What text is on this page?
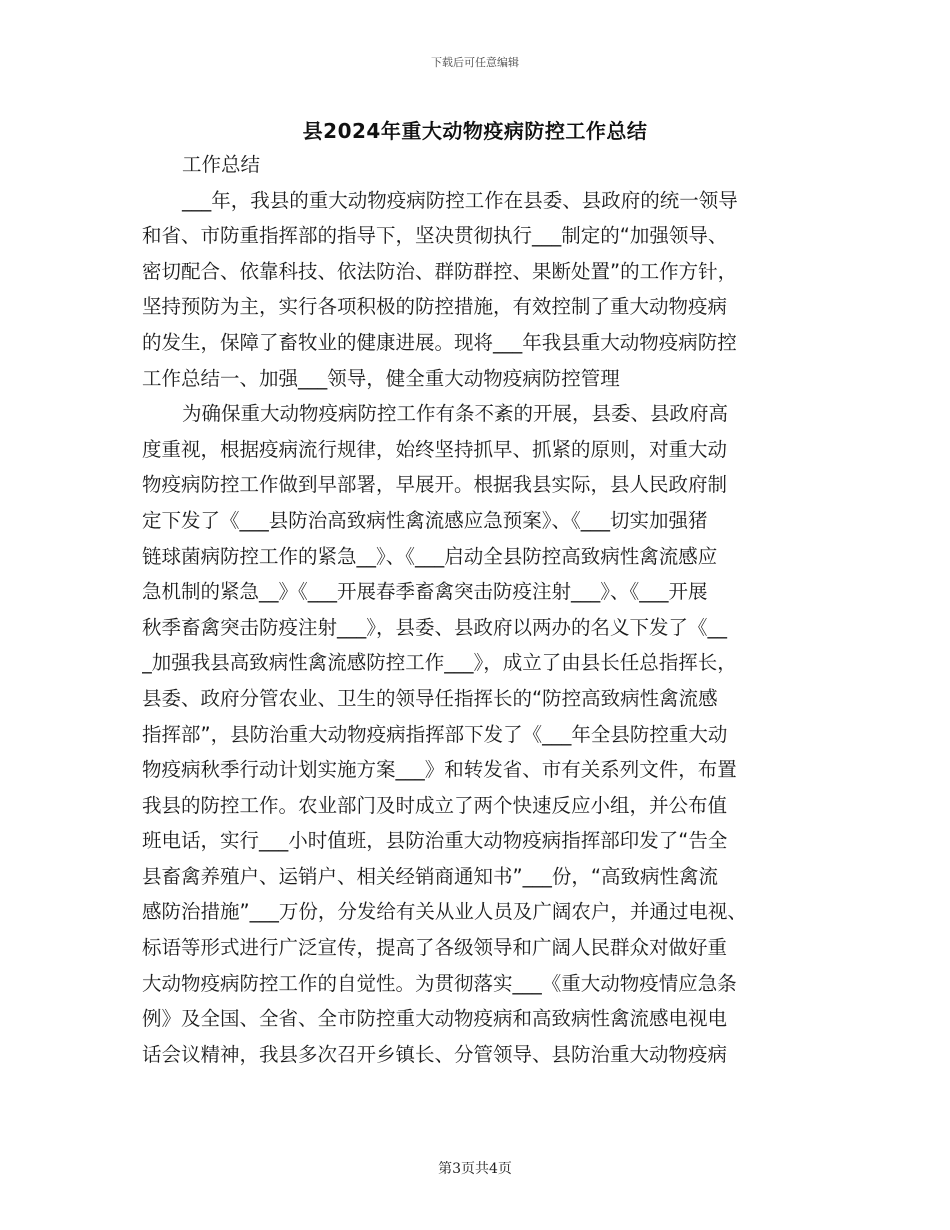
下载后可任意编辑
县2024年重大动物疫病防控工作总结
工作总结
___年，我县的重大动物疫病防控工作在县委、县政府的统一领导
和省、市防重指挥部的指导下，坚决贯彻执行___制定的“加强领导、
密切配合、依靠科技、依法防治、群防群控、果断处置”的工作方针，
坚持预防为主，实行各项积极的防控措施，有效控制了重大动物疫病
的发生，保障了畜牧业的健康进展。现将___年我县重大动物疫病防控
工作总结一、加强___领导，健全重大动物疫病防控管理
为确保重大动物疫病防控工作有条不紊的开展，县委、县政府高
度重视，根据疫病流行规律，始终坚持抓早、抓紧的原则，对重大动
物疫病防控工作做到早部署，早展开。根据我县实际，县人民政府制
定下发了《___县防治高致病性禽流感应急预案》、《___切实加强猪
链球菌病防控工作的紧急__》、《___启动全县防控高致病性禽流感应
急机制的紧急__》《___开展春季畜禽突击防疫注射___》、《___开展
秋季畜禽突击防疫注射___》，县委、县政府以两办的名义下发了《__
_加强我县高致病性禽流感防控工作___》，成立了由县长任总指挥长，
县委、政府分管农业、卫生的领导任指挥长的“防控高致病性禽流感
指挥部”，县防治重大动物疫病指挥部下发了《___年全县防控重大动
物疫病秋季行动计划实施方案___》和转发省、市有关系列文件，布置
我县的防控工作。农业部门及时成立了两个快速反应小组，并公布值
班电话，实行___小时值班，县防治重大动物疫病指挥部印发了“告全
县畜禽养殖户、运销户、相关经销商通知书”___份，“高致病性禽流
感防治措施”___万份，分发给有关从业人员及广阔农户，并通过电视、
标语等形式进行广泛宣传，提高了各级领导和广阔人民群众对做好重
大动物疫病防控工作的自觉性。为贯彻落实___《重大动物疫情应急条
例》及全国、全省、全市防控重大动物疫病和高致病性禽流感电视电
话会议精神，我县多次召开乡镇长、分管领导、县防治重大动物疫病
第3页共4页
